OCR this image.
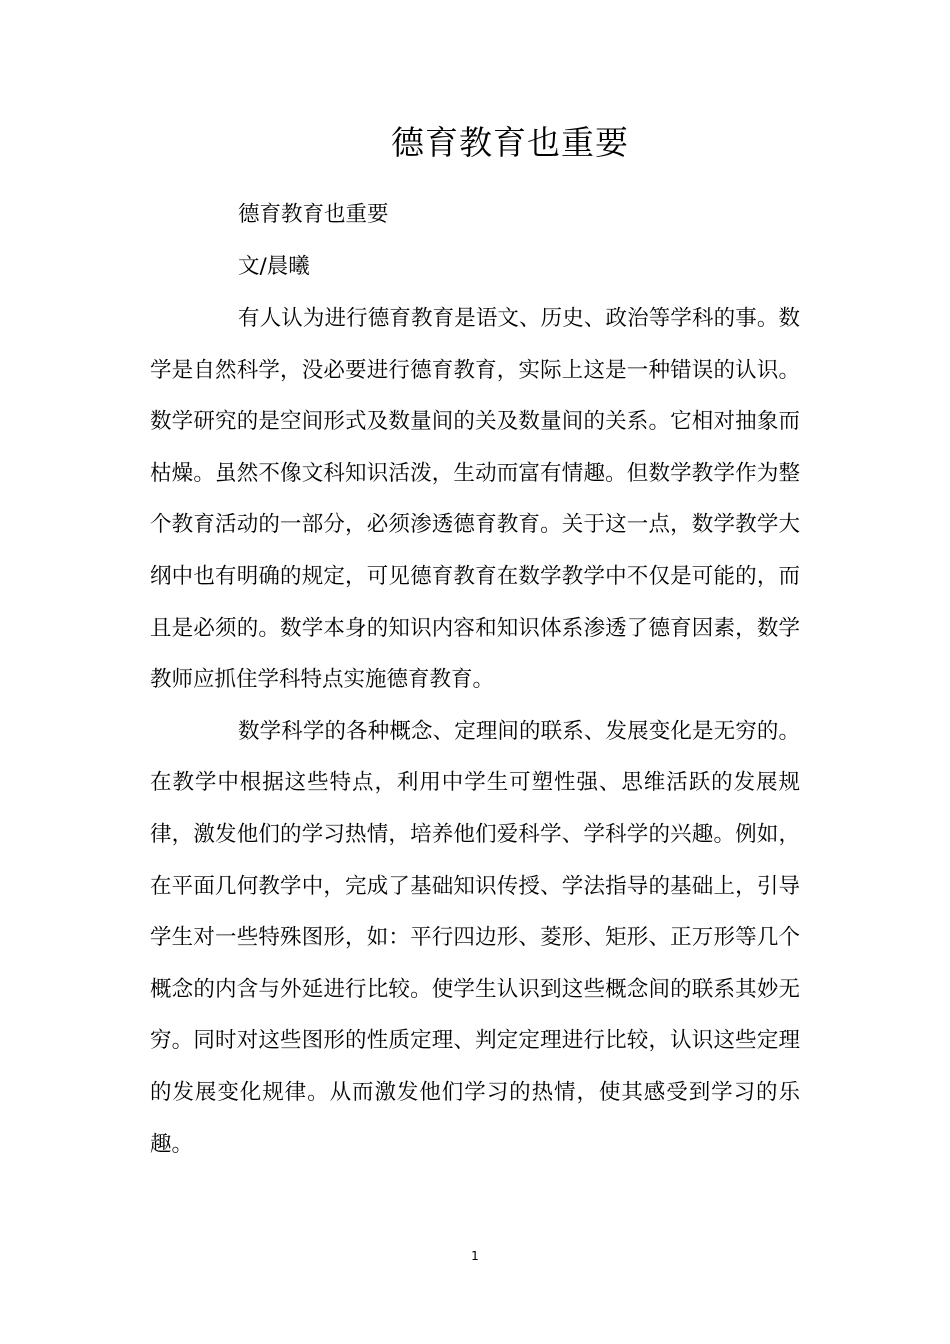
德育教育也重要

德育教育也重要

文/晨曦

有人认为进行德育教育是语文、历史、政治等学科的事。数学是自然科学，没必要进行德育教育，实际上这是一种错误的认识。数学研究的是空间形式及数量间的关及数量间的关系。它相对抽象而枯燥。虽然不像文科知识活泼，生动而富有情趣。但数学教学作为整个教育活动的一部分，必须渗透德育教育。关于这一点，数学教学大纲中也有明确的规定，可见德育教育在数学教学中不仅是可能的，而且是必须的。数学本身的知识内容和知识体系渗透了德育因素，数学教师应抓住学科特点实施德育教育。

数学科学的各种概念、定理间的联系、发展变化是无穷的。在教学中根据这些特点，利用中学生可塑性强、思维活跃的发展规律，激发他们的学习热情，培养他们爱科学、学科学的兴趣。例如，在平面几何教学中，完成了基础知识传授、学法指导的基础上，引导学生对一些特殊图形，如：平行四边形、菱形、矩形、正万形等几个概念的内含与外延进行比较。使学生认识到这些概念间的联系其妙无穷。同时对这些图形的性质定理、判定定理进行比较，认识这些定理的发展变化规律。从而激发他们学习的热情，使其感受到学习的乐趣。

1
